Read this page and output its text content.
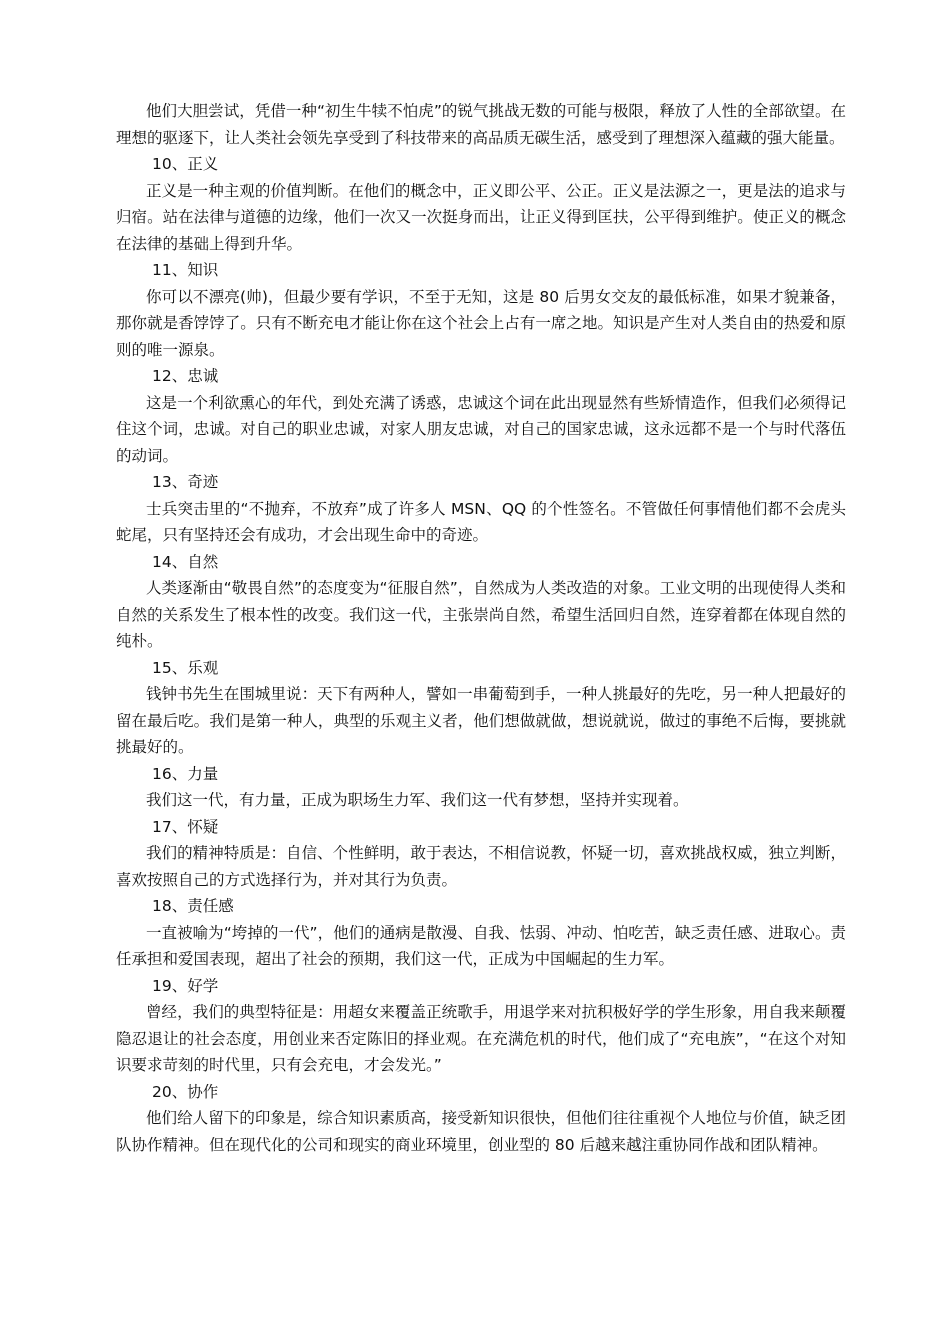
他们大胆尝试，凭借一种“初生牛犊不怕虎”的锐气挑战无数的可能与极限，释放了人性的全部欲望。在理想的驱逐下，让人类社会领先享受到了科技带来的高品质无碳生活，感受到了理想深入蕴藏的强大能量。

10、正义

正义是一种主观的价值判断。在他们的概念中，正义即公平、公正。正义是法源之一，更是法的追求与归宿。站在法律与道德的边缘，他们一次又一次挺身而出，让正义得到匡扶，公平得到维护。使正义的概念在法律的基础上得到升华。

11、知识

你可以不漂亮(帅)，但最少要有学识，不至于无知，这是 80 后男女交友的最低标准，如果才貌兼备，那你就是香饽饽了。只有不断充电才能让你在这个社会上占有一席之地。知识是产生对人类自由的热爱和原则的唯一源泉。

12、忠诚

这是一个利欲熏心的年代，到处充满了诱惑，忠诚这个词在此出现显然有些矫情造作，但我们必须得记住这个词，忠诚。对自己的职业忠诚，对家人朋友忠诚，对自己的国家忠诚，这永远都不是一个与时代落伍的动词。

13、奇迹

士兵突击里的“不抛弃，不放弃”成了许多人 MSN、QQ 的个性签名。不管做任何事情他们都不会虎头蛇尾，只有坚持还会有成功，才会出现生命中的奇迹。

14、自然

人类逐渐由“敬畏自然”的态度变为“征服自然”，自然成为人类改造的对象。工业文明的出现使得人类和自然的关系发生了根本性的改变。我们这一代，主张崇尚自然，希望生活回归自然，连穿着都在体现自然的纯朴。

15、乐观

钱钟书先生在围城里说：天下有两种人，譬如一串葡萄到手，一种人挑最好的先吃，另一种人把最好的留在最后吃。我们是第一种人，典型的乐观主义者，他们想做就做，想说就说，做过的事绝不后悔，要挑就挑最好的。

16、力量

我们这一代，有力量，正成为职场生力军、我们这一代有梦想，坚持并实现着。

17、怀疑

我们的精神特质是：自信、个性鲜明，敢于表达，不相信说教，怀疑一切，喜欢挑战权威，独立判断，喜欢按照自己的方式选择行为，并对其行为负责。

18、责任感

一直被喻为“垮掉的一代”，他们的通病是散漫、自我、怯弱、冲动、怕吃苦，缺乏责任感、进取心。责任承担和爱国表现，超出了社会的预期，我们这一代，正成为中国崛起的生力军。

19、好学

曾经，我们的典型特征是：用超女来覆盖正统歌手，用退学来对抗积极好学的学生形象，用自我来颠覆隐忍退让的社会态度，用创业来否定陈旧的择业观。在充满危机的时代，他们成了“充电族”，“在这个对知识要求苛刻的时代里，只有会充电，才会发光。”

20、协作

他们给人留下的印象是，综合知识素质高，接受新知识很快，但他们往往重视个人地位与价值，缺乏团队协作精神。但在现代化的公司和现实的商业环境里，创业型的 80 后越来越注重协同作战和团队精神。
